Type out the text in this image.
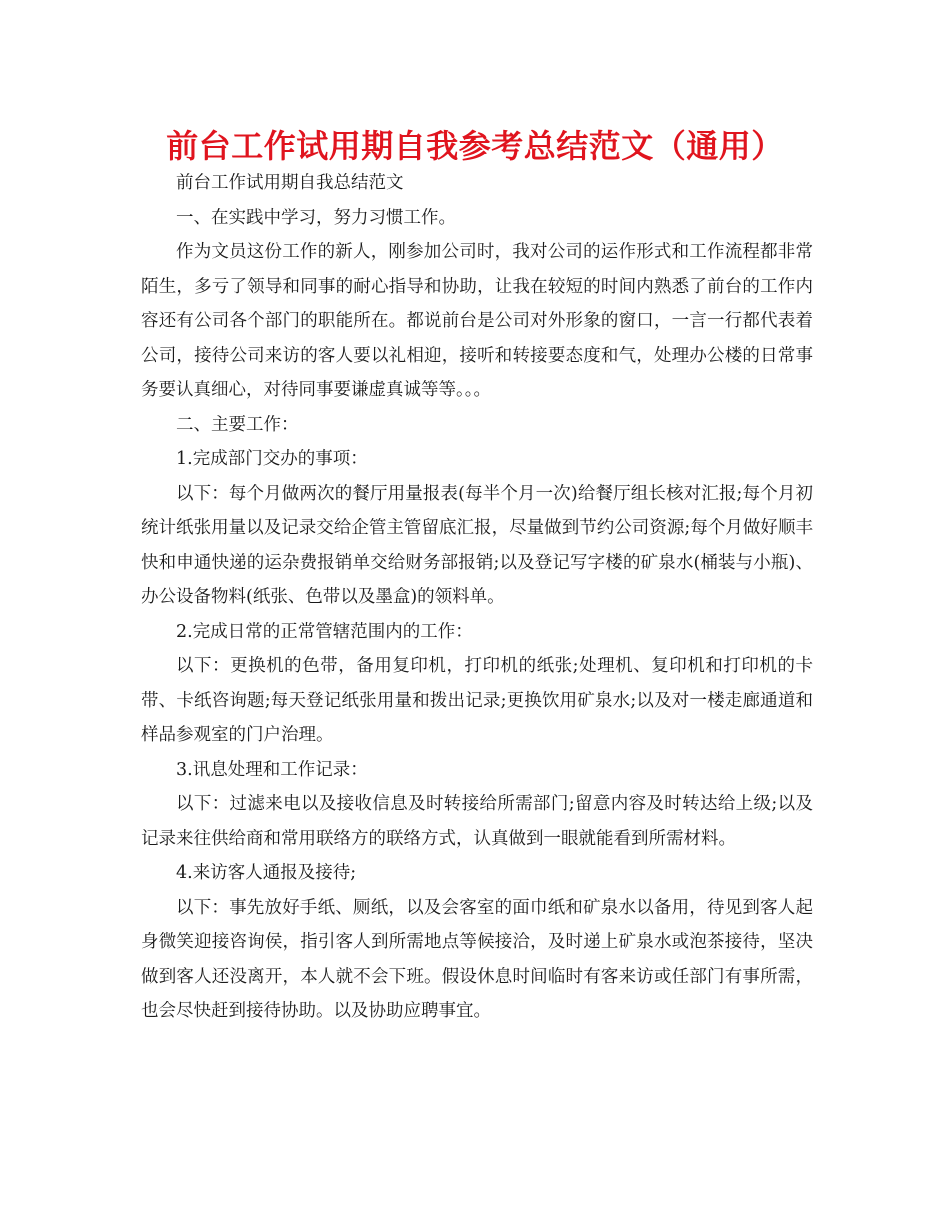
前台工作试用期自我参考总结范文（通用）

前台工作试用期自我总结范文

一、在实践中学习，努力习惯工作。

作为文员这份工作的新人，刚参加公司时，我对公司的运作形式和工作流程都非常陌生，多亏了领导和同事的耐心指导和协助，让我在较短的时间内熟悉了前台的工作内容还有公司各个部门的职能所在。都说前台是公司对外形象的窗口，一言一行都代表着公司，接待公司来访的客人要以礼相迎，接听和转接要态度和气，处理办公楼的日常事务要认真细心，对待同事要谦虚真诚等等。。。

二、主要工作：

1.完成部门交办的事项：

以下：每个月做两次的餐厅用量报表(每半个月一次)给餐厅组长核对汇报;每个月初统计纸张用量以及记录交给企管主管留底汇报，尽量做到节约公司资源;每个月做好顺丰快和申通快递的运杂费报销单交给财务部报销;以及登记写字楼的矿泉水(桶装与小瓶)、办公设备物料(纸张、色带以及墨盒)的领料单。

2.完成日常的正常管辖范围内的工作：

以下：更换机的色带，备用复印机，打印机的纸张;处理机、复印机和打印机的卡带、卡纸咨询题;每天登记纸张用量和拨出记录;更换饮用矿泉水;以及对一楼走廊通道和样品参观室的门户治理。

3.讯息处理和工作记录：

以下：过滤来电以及接收信息及时转接给所需部门;留意内容及时转达给上级;以及记录来往供给商和常用联络方的联络方式，认真做到一眼就能看到所需材料。

4.来访客人通报及接待;

以下：事先放好手纸、厕纸，以及会客室的面巾纸和矿泉水以备用，待见到客人起身微笑迎接咨询侯，指引客人到所需地点等候接洽，及时递上矿泉水或泡茶接待，坚决做到客人还没离开，本人就不会下班。假设休息时间临时有客来访或任部门有事所需，也会尽快赶到接待协助。以及协助应聘事宜。
